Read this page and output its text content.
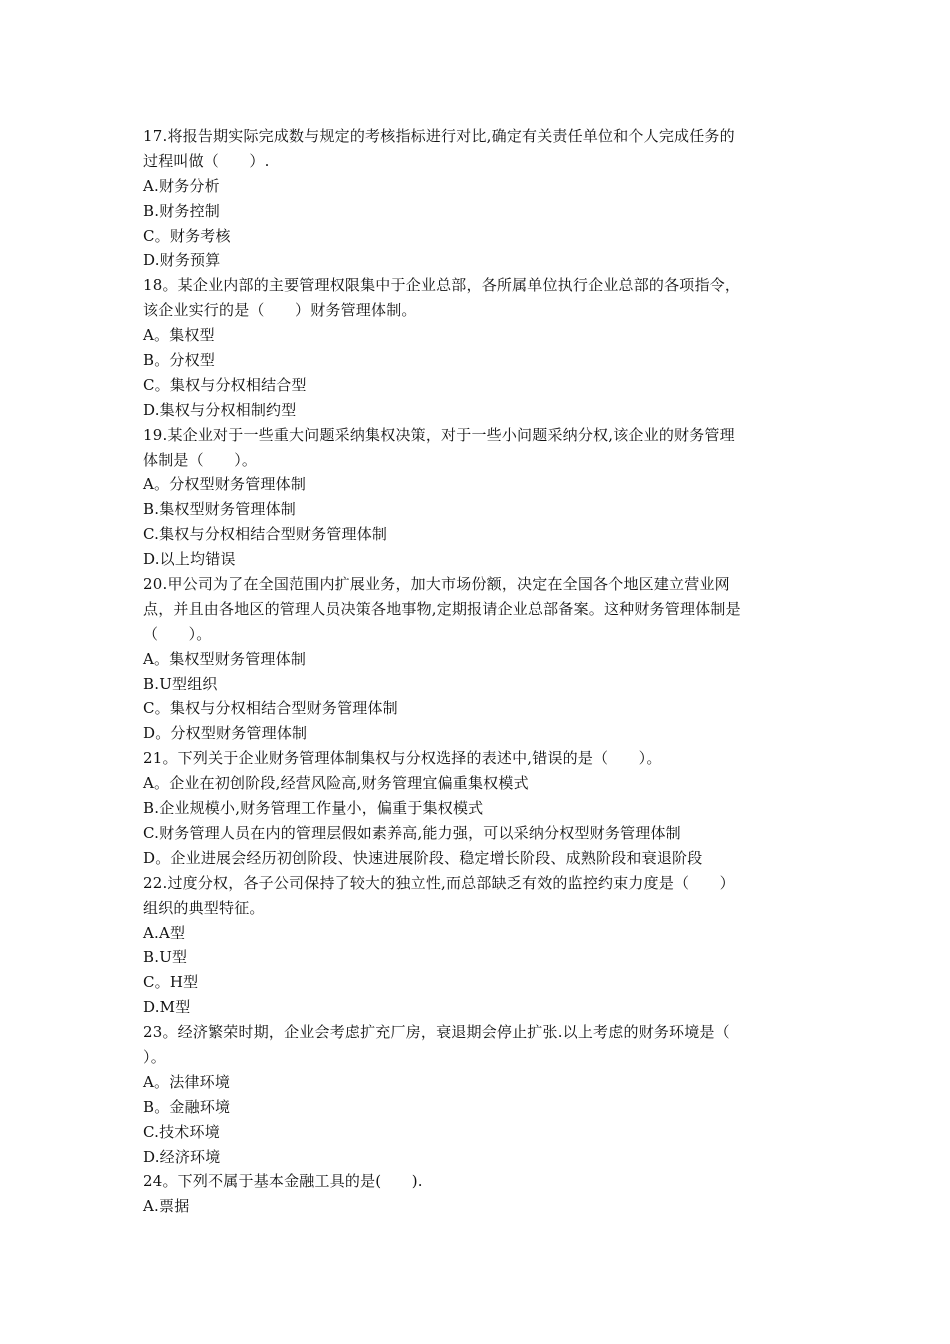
17.将报告期实际完成数与规定的考核指标进行对比,确定有关责任单位和个人完成任务的
过程叫做（　　）.
A.财务分析
B.财务控制
C。财务考核
D.财务预算
18。某企业内部的主要管理权限集中于企业总部，各所属单位执行企业总部的各项指令，
该企业实行的是（　　）财务管理体制。
A。集权型
B。分权型
C。集权与分权相结合型
D.集权与分权相制约型
19.某企业对于一些重大问题采纳集权决策，对于一些小问题采纳分权,该企业的财务管理
体制是（　　）。
A。分权型财务管理体制
B.集权型财务管理体制
C.集权与分权相结合型财务管理体制
D.以上均错误
20.甲公司为了在全国范围内扩展业务，加大市场份额，决定在全国各个地区建立营业网
点，并且由各地区的管理人员决策各地事物,定期报请企业总部备案。这种财务管理体制是
（　　）。
A。集权型财务管理体制
B.U型组织
C。集权与分权相结合型财务管理体制
D。分权型财务管理体制
21。下列关于企业财务管理体制集权与分权选择的表述中,错误的是（　　）。
A。企业在初创阶段,经营风险高,财务管理宜偏重集权模式
B.企业规模小,财务管理工作量小，偏重于集权模式
C.财务管理人员在内的管理层假如素养高,能力强，可以采纳分权型财务管理体制
D。企业进展会经历初创阶段、快速进展阶段、稳定增长阶段、成熟阶段和衰退阶段
22.过度分权，各子公司保持了较大的独立性,而总部缺乏有效的监控约束力度是（　　）
组织的典型特征。
A.A型
B.U型
C。H型
D.M型
23。经济繁荣时期，企业会考虑扩充厂房，衰退期会停止扩张.以上考虑的财务环境是（
）。
A。法律环境
B。金融环境
C.技术环境
D.经济环境
24。下列不属于基本金融工具的是(　　).
A.票据
